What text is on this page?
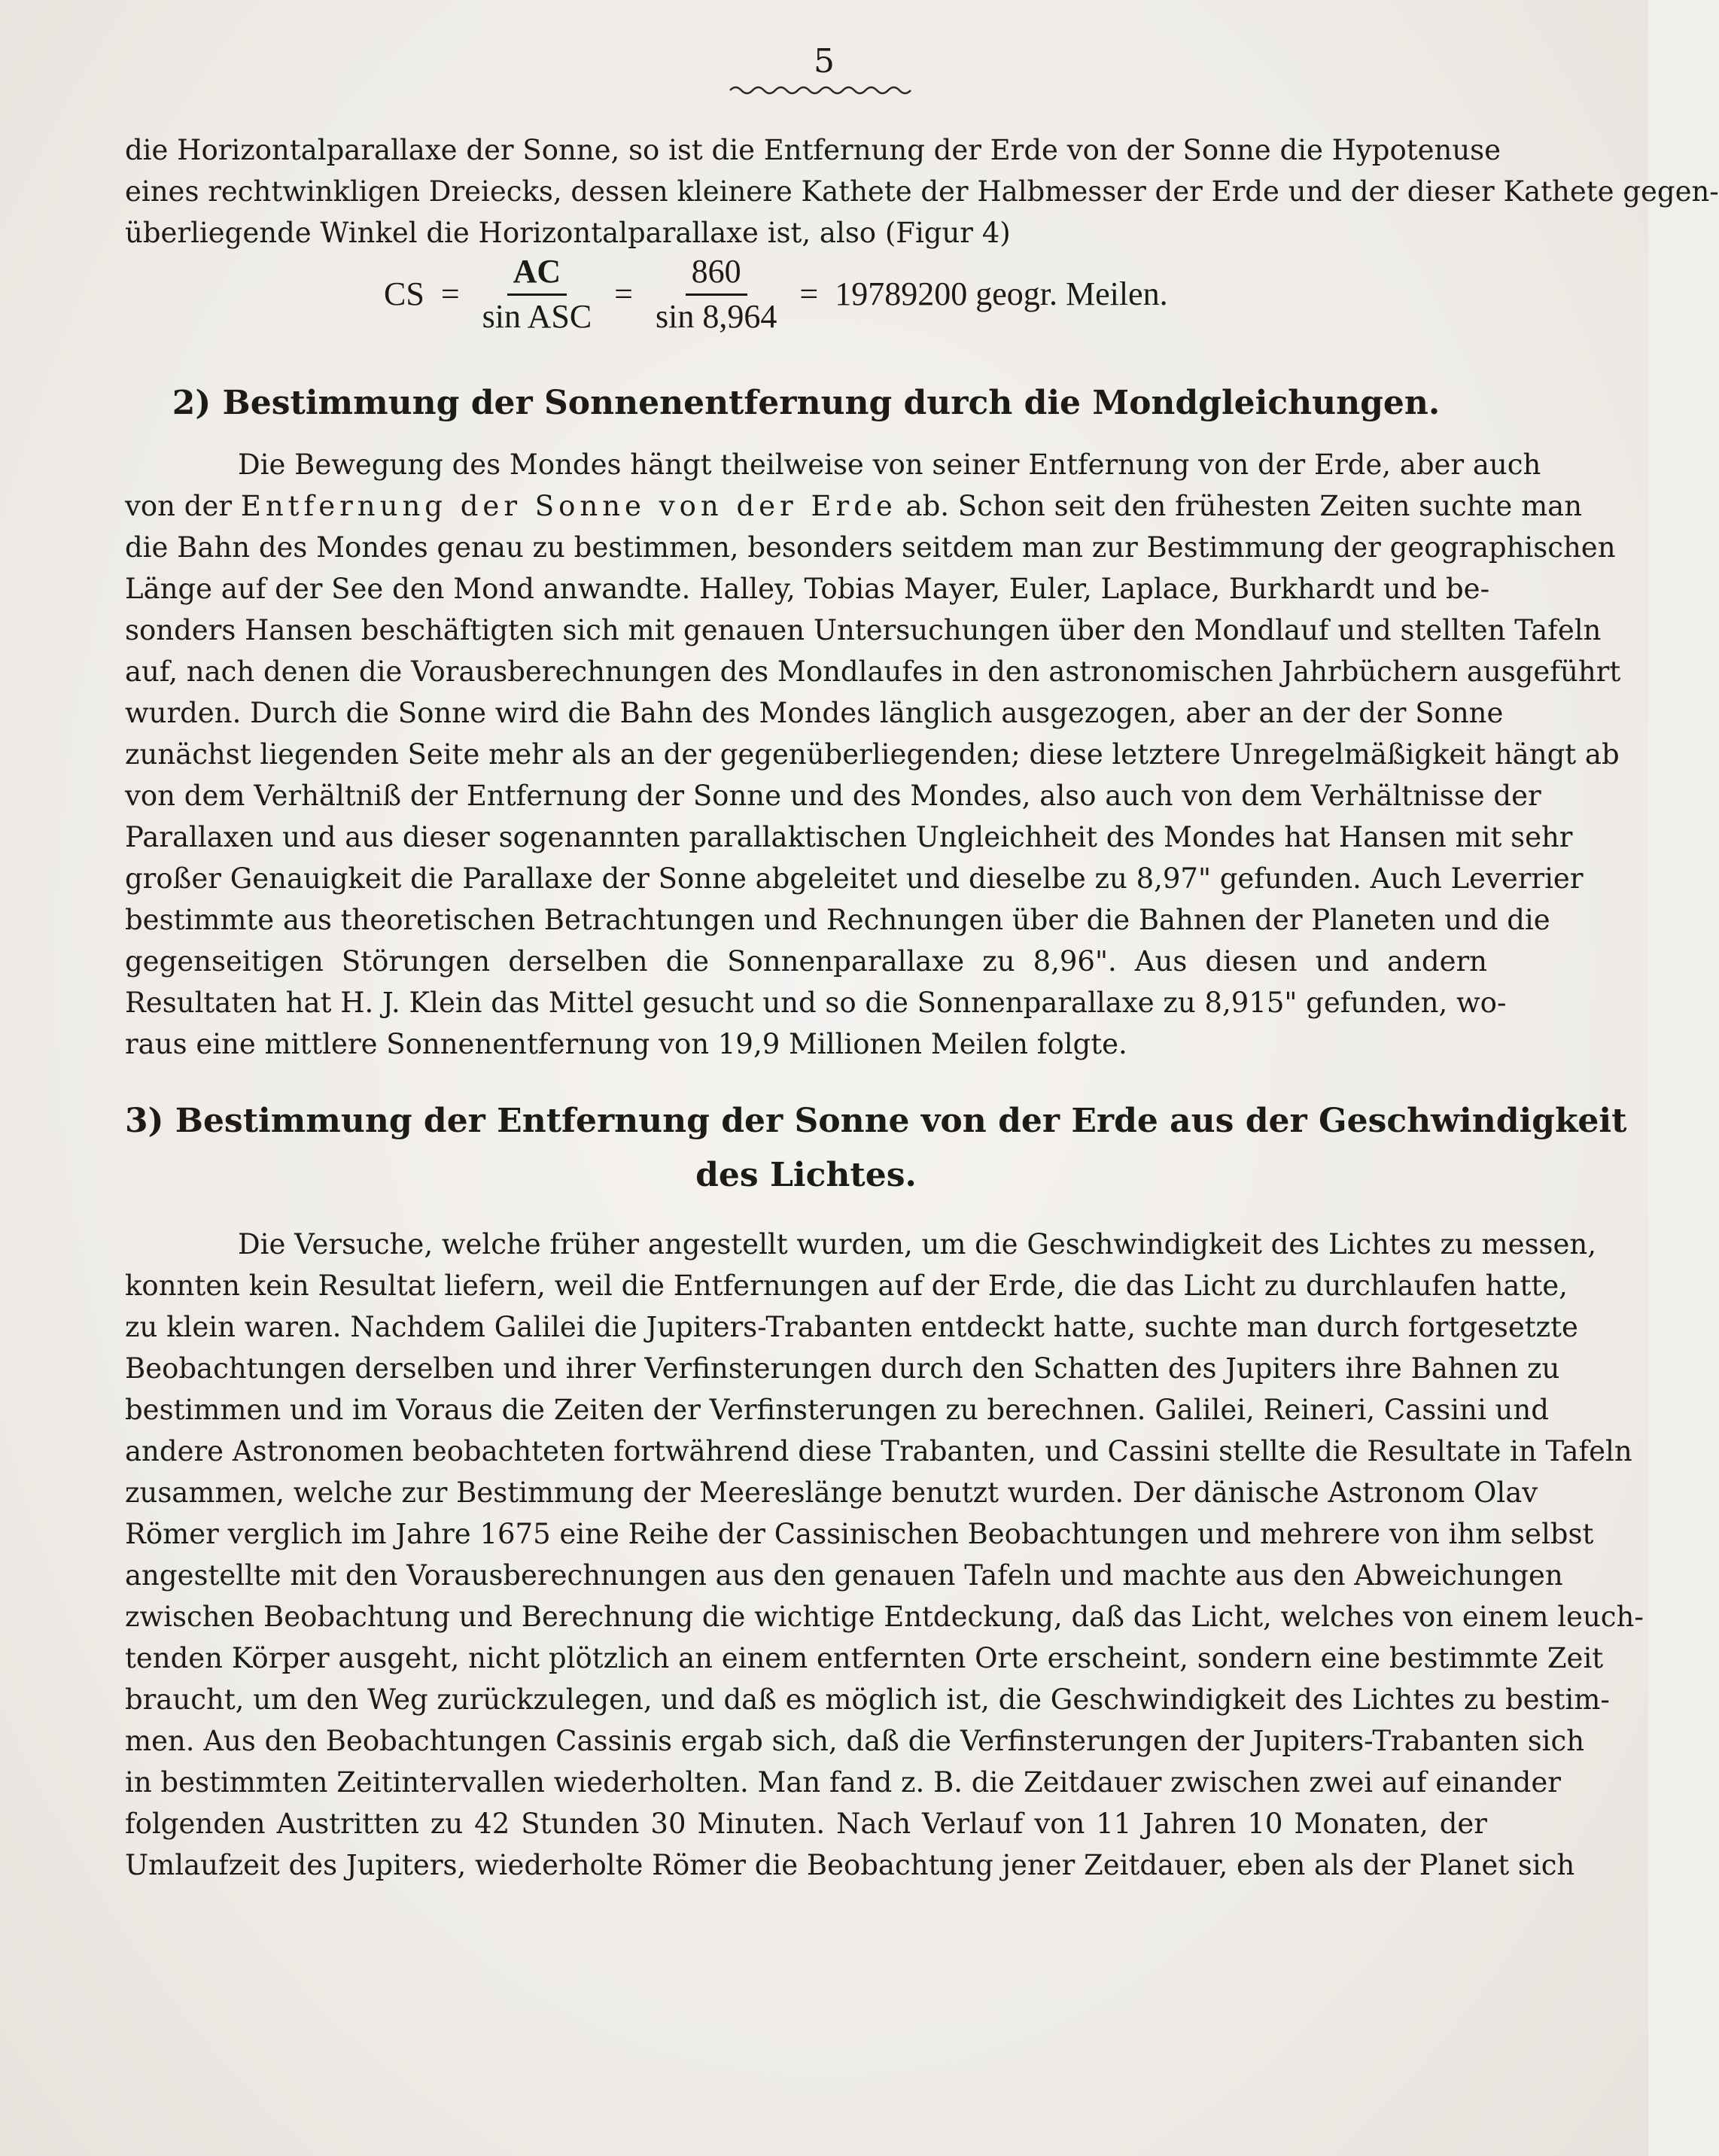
5
die Horizontalparallaxe der Sonne, so ist die Entfernung der Erde von der Sonne die Hypotenuse
eines rechtwinkligen Dreiecks, dessen kleinere Kathete der Halbmesser der Erde und der dieser Kathete gegen-
überliegende Winkel die Horizontalparallaxe ist, also (Figur 4)
CS = $\frac{AC}{\text{sin ASC}} = \frac{860}{\sin 8,964} = 19789200$ geogr. Meilen.
2) Bestimmung der Sonnenentfernung durch die Mondgleichungen.
Die Bewegung des Mondes hängt theilweise von seiner Entfernung von der Erde, aber auch
von der Entfernung der Sonne von der Erde ab. Schon seit den frühesten Zeiten suchte man
die Bahn des Mondes genau zu bestimmen, besonders seitdem man zur Bestimmung der geographischen
Länge auf der See den Mond anwandte. Halley, Tobias Mayer, Euler, Laplace, Burkhardt und be-
sonders Hansen beschäftigten sich mit genauen Untersuchungen über den Mondlauf und stellten Tafeln
auf, nach denen die Vorausberechnungen des Mondlaufes in den astronomischen Jahrbüchern ausgeführt
wurden. Durch die Sonne wird die Bahn des Mondes länglich ausgezogen, aber an der der Sonne
zunächst liegenden Seite mehr als an der gegenüberliegenden; diese letztere Unregelmäßigkeit hängt ab
von dem Verhältniß der Entfernung der Sonne und des Mondes, also auch von dem Verhältnisse der
Parallaxen und aus dieser sogenannten parallaktischen Ungleichheit des Mondes hat Hansen mit sehr
großer Genauigkeit die Parallaxe der Sonne abgeleitet und dieselbe zu 8,97" gefunden. Auch Leverrier
bestimmte aus theoretischen Betrachtungen und Rechnungen über die Bahnen der Planeten und die
gegenseitigen Störungen derselben die Sonnenparallaxe zu 8,96". Aus diesen und andern
Resultaten hat H. J. Klein das Mittel gesucht und so die Sonnenparallaxe zu 8,915" gefunden, wo-
raus eine mittlere Sonnenentfernung von 19,9 Millionen Meilen folgte.
3) Bestimmung der Entfernung der Sonne von der Erde aus der Geschwindigkeit
des Lichtes.
Die Versuche, welche früher angestellt wurden, um die Geschwindigkeit des Lichtes zu messen,
konnten kein Resultat liefern, weil die Entfernungen auf der Erde, die das Licht zu durchlaufen hatte,
zu klein waren. Nachdem Galilei die Jupiters-Trabanten entdeckt hatte, suchte man durch fortgesetzte
Beobachtungen derselben und ihrer Verfinsterungen durch den Schatten des Jupiters ihre Bahnen zu
bestimmen und im Voraus die Zeiten der Verfinsterungen zu berechnen. Galilei, Reineri, Cassini und
andere Astronomen beobachteten fortwährend diese Trabanten, und Cassini stellte die Resultate in Tafeln
zusammen, welche zur Bestimmung der Meereslänge benutzt wurden. Der dänische Astronom Olav
Römer verglich im Jahre 1675 eine Reihe der Cassinischen Beobachtungen und mehrere von ihm selbst
angestellte mit den Vorausberechnungen aus den genauen Tafeln und machte aus den Abweichungen
zwischen Beobachtung und Berechnung die wichtige Entdeckung, daß das Licht, welches von einem leuch-
tenden Körper ausgeht, nicht plötzlich an einem entfernten Orte erscheint, sondern eine bestimmte Zeit
braucht, um den Weg zurückzulegen, und daß es möglich ist, die Geschwindigkeit des Lichtes zu bestim-
men. Aus den Beobachtungen Cassinis ergab sich, daß die Verfinsterungen der Jupiters-Trabanten sich
in bestimmten Zeitintervallen wiederholten. Man fand z. B. die Zeitdauer zwischen zwei auf einander
folgenden Austritten zu 42 Stunden 30 Minuten. Nach Verlauf von 11 Jahren 10 Monaten, der
Umlaufzeit des Jupiters, wiederholte Römer die Beobachtung jener Zeitdauer, eben als der Planet sich
